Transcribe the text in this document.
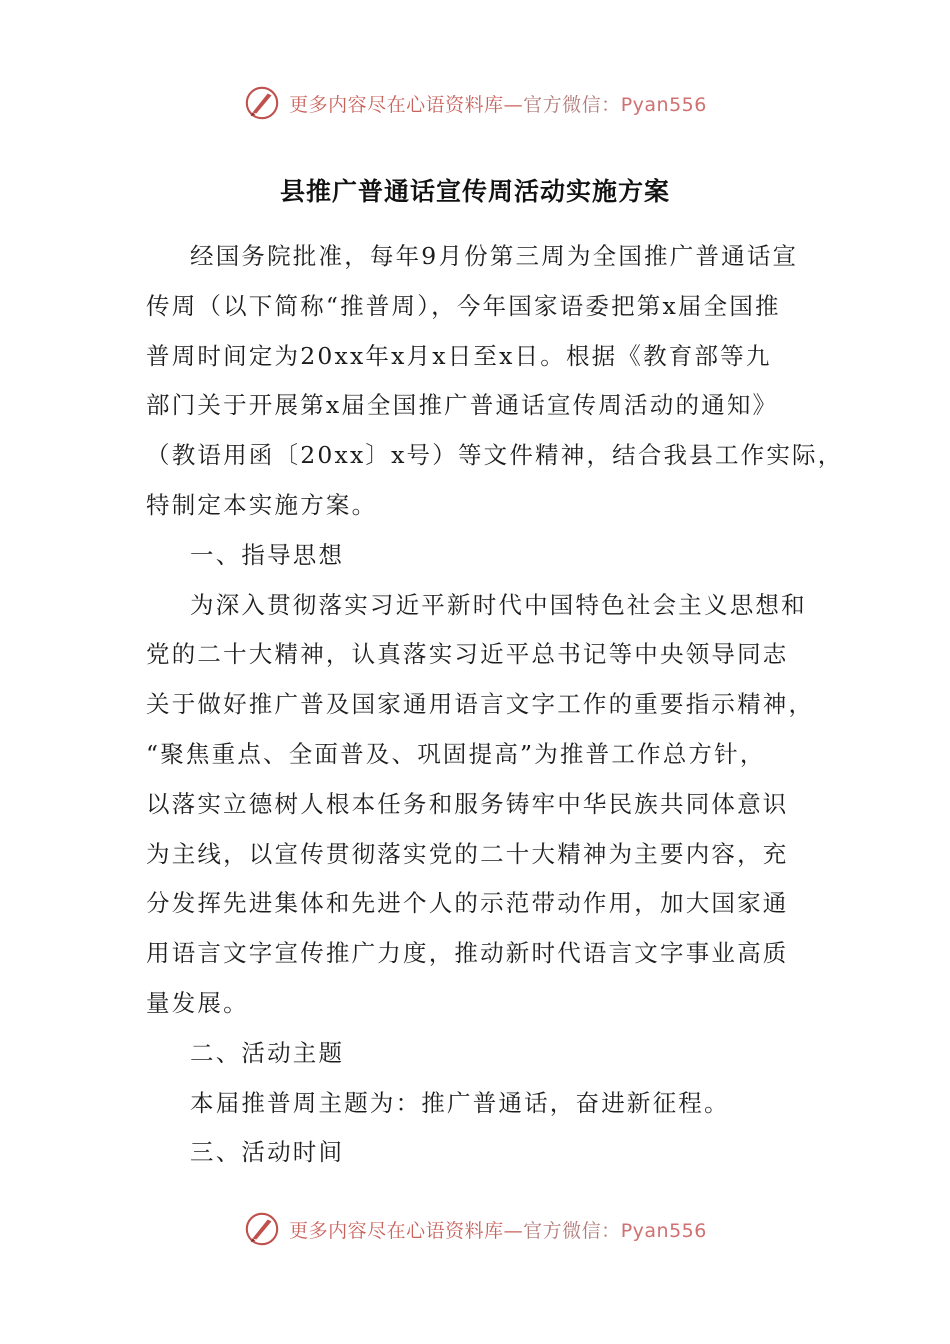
更多内容尽在心语资料库—官方微信：Pyan556
县推广普通话宣传周活动实施方案
经国务院批准，每年9月份第三周为全国推广普通话宣
传周（以下简称“推普周），今年国家语委把第x届全国推
普周时间定为20xx年x月x日至x日。根据《教育部等九
部门关于开展第x届全国推广普通话宣传周活动的通知》
（教语用函〔20xx〕x号）等文件精神，结合我县工作实际，
特制定本实施方案。
一、指导思想
为深入贯彻落实习近平新时代中国特色社会主义思想和
党的二十大精神，认真落实习近平总书记等中央领导同志
关于做好推广普及国家通用语言文字工作的重要指示精神，
“聚焦重点、全面普及、巩固提高”为推普工作总方针，
以落实立德树人根本任务和服务铸牢中华民族共同体意识
为主线，以宣传贯彻落实党的二十大精神为主要内容，充
分发挥先进集体和先进个人的示范带动作用，加大国家通
用语言文字宣传推广力度，推动新时代语言文字事业高质
量发展。
二、活动主题
本届推普周主题为：推广普通话，奋进新征程。
三、活动时间
更多内容尽在心语资料库—官方微信：Pyan556
